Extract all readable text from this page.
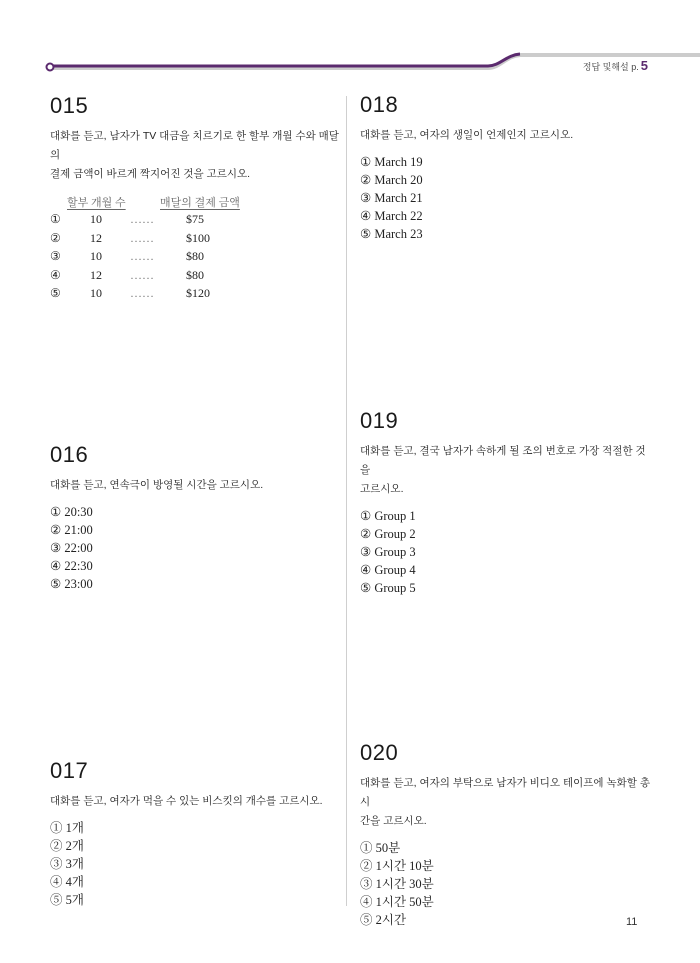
정답 및해설 p. 5
015
대화를 듣고, 남자가 TV 대금을 치르기로 한 할부 개월 수와 매달의
결제 금액이 바르게 짝지어진 것을 고르시오.
할부 개월 수	매달의 결제 금액
① 10 ……	$75
② 12 ……	$100
③ 10 ……	$80
④ 12 ……	$80
⑤ 10 ……	$120
016
대화를 듣고, 연속극이 방영될 시간을 고르시오.
① 20:30
② 21:00
③ 22:00
④ 22:30
⑤ 23:00
017
대화를 듣고, 여자가 먹을 수 있는 비스킷의 개수를 고르시오.
① 1개
② 2개
③ 3개
④ 4개
⑤ 5개
018
대화를 듣고, 여자의 생일이 언제인지 고르시오.
① March 19
② March 20
③ March 21
④ March 22
⑤ March 23
019
대화를 듣고, 결국 남자가 속하게 될 조의 번호로 가장 적절한 것을
고르시오.
① Group 1
② Group 2
③ Group 3
④ Group 4
⑤ Group 5
020
대화를 듣고, 여자의 부탁으로 남자가 비디오 테이프에 녹화할 총 시
간을 고르시오.
① 50분
② 1시간 10분
③ 1시간 30분
④ 1시간 50분
⑤ 2시간	11
